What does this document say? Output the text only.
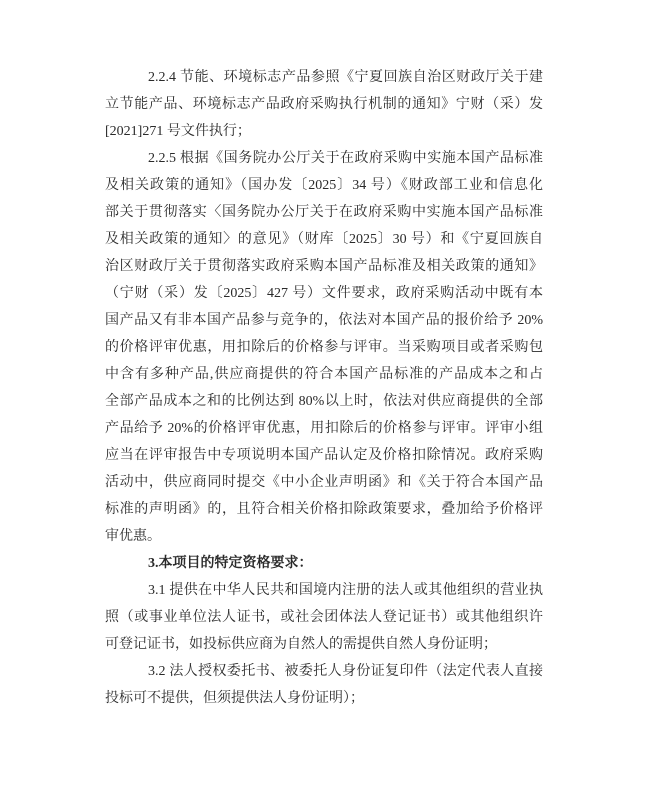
2.2.4 节能、环境标志产品参照《宁夏回族自治区财政厅关于建
立节能产品、环境标志产品政府采购执行机制的通知》宁财（采）发
[2021]271 号文件执行；
2.2.5 根据《国务院办公厅关于在政府采购中实施本国产品标准
及相关政策的通知》（国办发〔2025〕34 号）《财政部工业和信息化
部关于贯彻落实〈国务院办公厅关于在政府采购中实施本国产品标准
及相关政策的通知〉的意见》（财库〔2025〕30 号）和《宁夏回族自
治区财政厅关于贯彻落实政府采购本国产品标准及相关政策的通知》
（宁财（采）发〔2025〕427 号）文件要求，政府采购活动中既有本
国产品又有非本国产品参与竞争的，依法对本国产品的报价给予 20%
的价格评审优惠，用扣除后的价格参与评审。当采购项目或者采购包
中含有多种产品,供应商提供的符合本国产品标准的产品成本之和占
全部产品成本之和的比例达到 80%以上时，依法对供应商提供的全部
产品给予 20%的价格评审优惠，用扣除后的价格参与评审。评审小组
应当在评审报告中专项说明本国产品认定及价格扣除情况。政府采购
活动中，供应商同时提交《中小企业声明函》和《关于符合本国产品
标准的声明函》的，且符合相关价格扣除政策要求，叠加给予价格评
审优惠。
3.本项目的特定资格要求：
3.1 提供在中华人民共和国境内注册的法人或其他组织的营业执
照（或事业单位法人证书，或社会团体法人登记证书）或其他组织许
可登记证书，如投标供应商为自然人的需提供自然人身份证明；
3.2 法人授权委托书、被委托人身份证复印件（法定代表人直接
投标可不提供，但须提供法人身份证明）；
